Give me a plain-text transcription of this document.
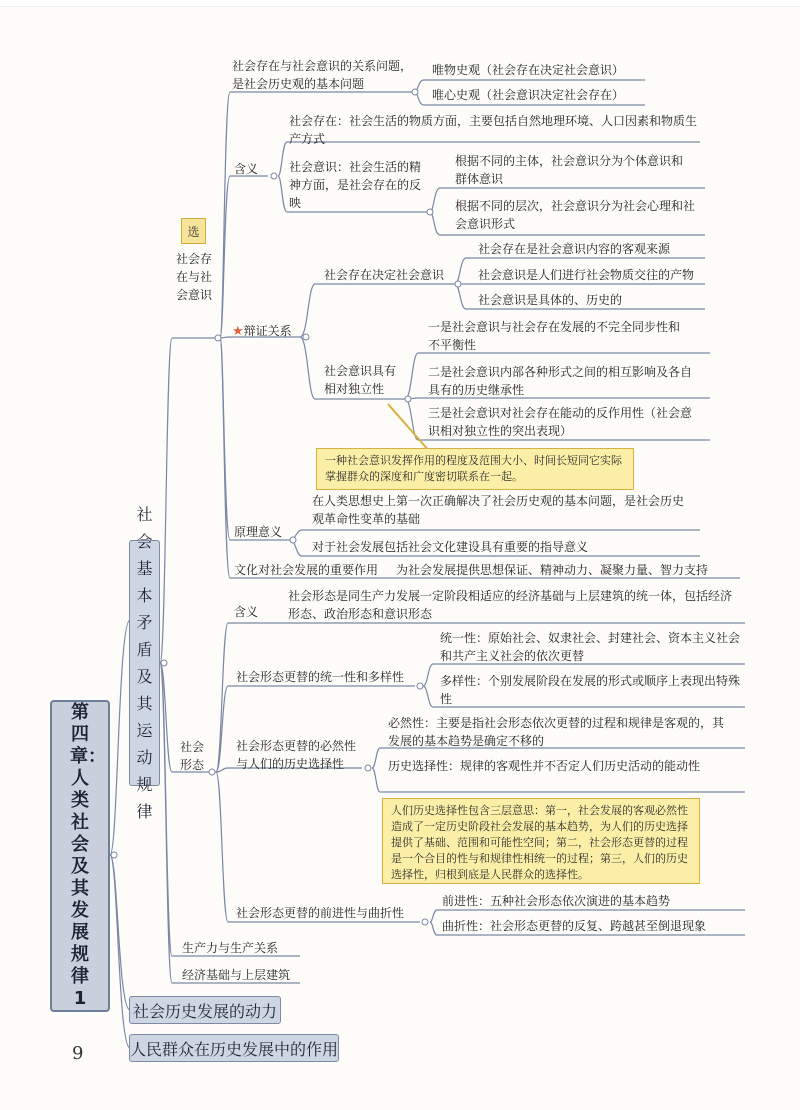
第四章：人类社会及其发展规律1
社会基本矛盾及其运动规律
社会历史发展的动力
人民群众在历史发展中的作用
选
社会存在与社会意识
社会存在与社会意识的关系问题，是社会历史观的基本问题
唯物史观（社会存在决定社会意识）
唯心史观（社会意识决定社会存在）
含义
社会存在：社会生活的物质方面，主要包括自然地理环境、人口因素和物质生产方式
社会意识：社会生活的精神方面，是社会存在的反映
根据不同的主体，社会意识分为个体意识和群体意识
根据不同的层次，社会意识分为社会心理和社会意识形式
★辩证关系
社会存在决定社会意识
社会存在是社会意识内容的客观来源
社会意识是人们进行社会物质交往的产物
社会意识是具体的、历史的
社会意识具有相对独立性
一是社会意识与社会存在发展的不完全同步性和不平衡性
二是社会意识内部各种形式之间的相互影响及各自具有的历史继承性
三是社会意识对社会存在能动的反作用性（社会意识相对独立性的突出表现）
一种社会意识发挥作用的程度及范围大小、时间长短同它实际掌握群众的深度和广度密切联系在一起。
原理意义
在人类思想史上第一次正确解决了社会历史观的基本问题，是社会历史观革命性变革的基础
对于社会发展包括社会文化建设具有重要的指导意义
文化对社会发展的重要作用 为社会发展提供思想保证、精神动力、凝聚力量、智力支持
社会形态
含义
社会形态是同生产力发展一定阶段相适应的经济基础与上层建筑的统一体，包括经济形态、政治形态和意识形态
社会形态更替的统一性和多样性
统一性：原始社会、奴隶社会、封建社会、资本主义社会和共产主义社会的依次更替
多样性：个别发展阶段在发展的形式或顺序上表现出特殊性
社会形态更替的必然性与人们的历史选择性
必然性：主要是指社会形态依次更替的过程和规律是客观的，其发展的基本趋势是确定不移的
历史选择性：规律的客观性并不否定人们历史活动的能动性
人们历史选择性包含三层意思：第一，社会发展的客观必然性造成了一定历史阶段社会发展的基本趋势，为人们的历史选择提供了基础、范围和可能性空间；第二，社会形态更替的过程是一个合目的性与和规律性相统一的过程；第三，人们的历史选择性，归根到底是人民群众的选择性。
社会形态更替的前进性与曲折性
前进性：五种社会形态依次演进的基本趋势
曲折性：社会形态更替的反复、跨越甚至倒退现象
生产力与生产关系
经济基础与上层建筑
9
